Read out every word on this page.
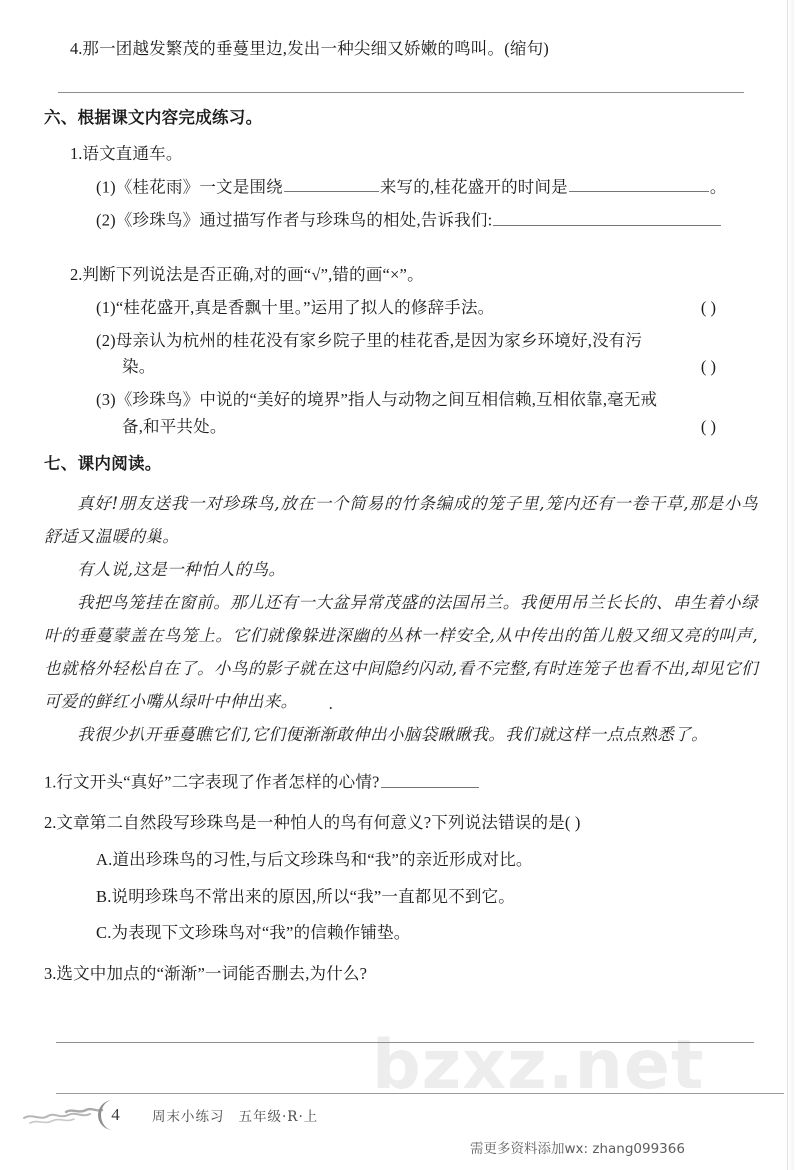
bzxz.net
4.那一团越发繁茂的垂蔓里边,发出一种尖细又娇嫩的鸣叫。(缩句)
六、根据课文内容完成练习。
1.语文直通车。
(1)《桂花雨》一文是围绕	来写的,桂花盛开的时间是	。
(2)《珍珠鸟》通过描写作者与珍珠鸟的相处,告诉我们:
2.判断下列说法是否正确,对的画“√”,错的画“×”。
(1)“桂花盛开,真是香飘十里。”运用了拟人的修辞手法。	( )
(2)母亲认为杭州的桂花没有家乡院子里的桂花香,是因为家乡环境好,没有污
染。	( )
(3)《珍珠鸟》中说的“美好的境界”指人与动物之间互相信赖,互相依靠,毫无戒
备,和平共处。	( )
七、课内阅读。

真好!朋友送我一对珍珠鸟,放在一个简易的竹条编成的笼子里,笼内还有一卷干草,那是小鸟舒适又温暖的巢。

有人说,这是一种怕人的鸟。

我把鸟笼挂在窗前。那儿还有一大盆异常茂盛的法国吊兰。我便用吊兰长长的、串生着小绿叶的垂蔓蒙盖在鸟笼上。它们就像躲进深幽的丛林一样安全,从中传出的笛儿般又细又亮的叫声,也就格外轻松自在了。小鸟的影子就在这中间隐约闪动,看不完整,有时连笼子也看不出,却见它们可爱的鲜红小嘴从绿叶中伸出来。

我很少扒开垂蔓瞧它们,它们便渐渐 · ·敢伸出小脑袋瞅瞅我。我们就这样一点点熟悉了。

1.行文开头“真好”二字表现了作者怎样的心情?
2.文章第二自然段写珍珠鸟是一种怕人的鸟有何意义?下列说法错误的是( )
A.道出珍珠鸟的习性,与后文珍珠鸟和“我”的亲近形成对比。
B.说明珍珠鸟不常出来的原因,所以“我”一直都见不到它。
C.为表现下文珍珠鸟对“我”的信赖作铺垫。
3.选文中加点的“渐渐”一词能否删去,为什么?
4 周末小练习 五年级·R·上
需更多资料添加wx: zhang099366
